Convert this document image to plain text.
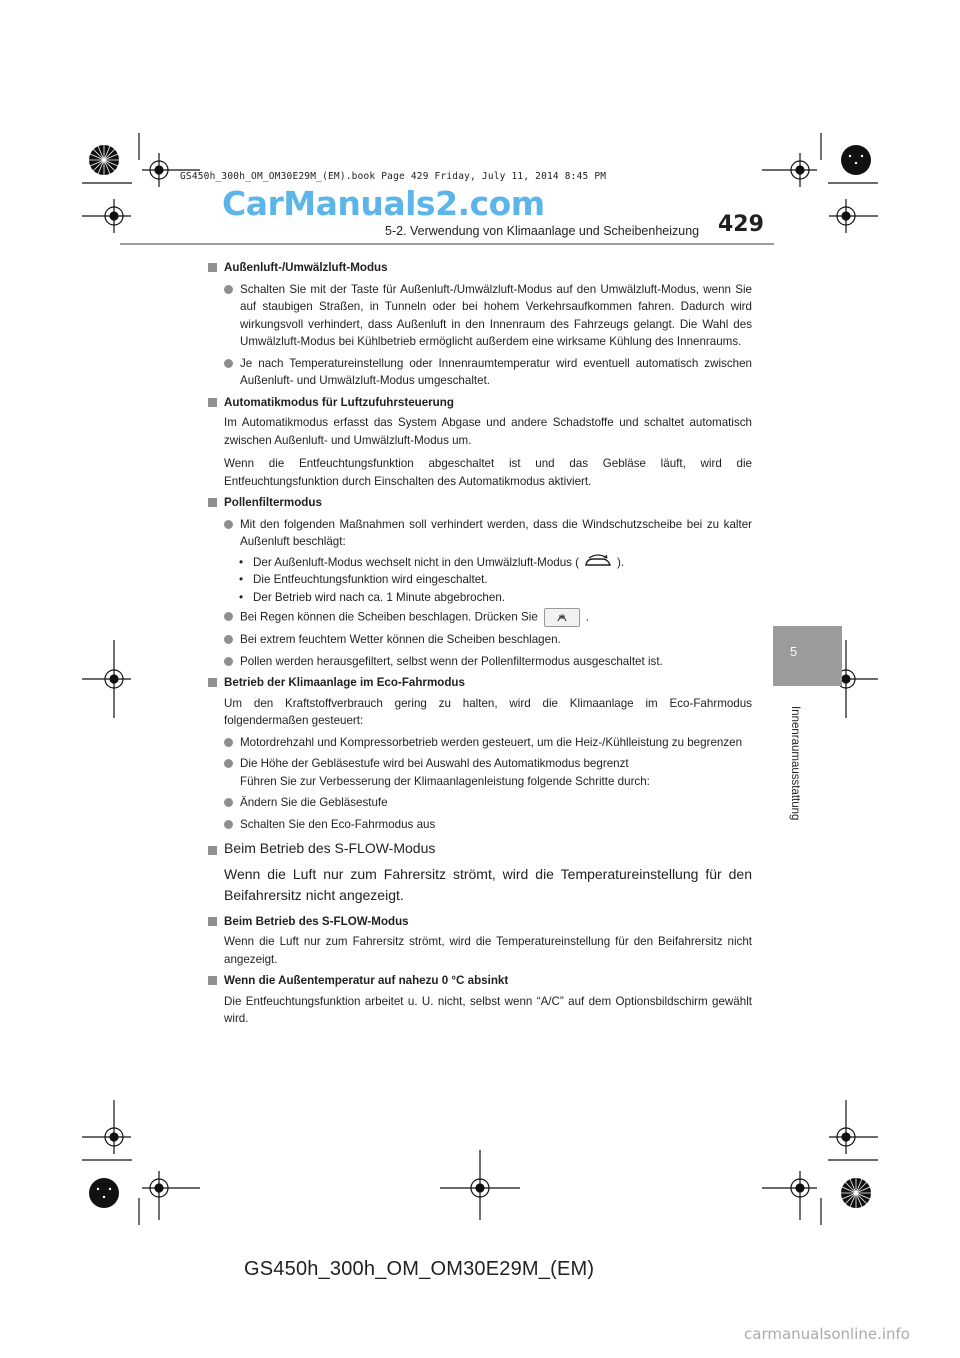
GS450h_300h_OM_OM30E29M_(EM).book Page 429 Friday, July 11, 2014 8:45 PM
CarManuals2.com
5-2. Verwendung von Klimaanlage und Scheibenheizung 429
5
Innenraumausstattung
Außenluft-/Umwälzluft-Modus
Schalten Sie mit der Taste für Außenluft-/Umwälzluft-Modus auf den Umwälzluft-Modus, wenn Sie auf staubigen Straßen, in Tunneln oder bei hohem Verkehrsaufkommen fahren. Dadurch wird wirkungsvoll verhindert, dass Außenluft in den Innenraum des Fahrzeugs gelangt. Die Wahl des Umwälzluft-Modus bei Kühlbetrieb ermöglicht außerdem eine wirksame Kühlung des Innenraums.
Je nach Temperatureinstellung oder Innenraumtemperatur wird eventuell automatisch zwischen Außenluft- und Umwälzluft-Modus umgeschaltet.
Automatikmodus für Luftzufuhrsteuerung
Im Automatikmodus erfasst das System Abgase und andere Schadstoffe und schaltet automatisch zwischen Außenluft- und Umwälzluft-Modus um.
Wenn die Entfeuchtungsfunktion abgeschaltet ist und das Gebläse läuft, wird die Entfeuchtungsfunktion durch Einschalten des Automatikmodus aktiviert.
Pollenfiltermodus
Mit den folgenden Maßnahmen soll verhindert werden, dass die Windschutzscheibe bei zu kalter Außenluft beschlägt:
• Der Außenluft-Modus wechselt nicht in den Umwälzluft-Modus (	).
• Die Entfeuchtungsfunktion wird eingeschaltet.
• Der Betrieb wird nach ca. 1 Minute abgebrochen.
Bei Regen können die Scheiben beschlagen. Drücken Sie	.
Bei extrem feuchtem Wetter können die Scheiben beschlagen.
Pollen werden herausgefiltert, selbst wenn der Pollenfiltermodus ausgeschaltet ist.
Betrieb der Klimaanlage im Eco-Fahrmodus
Um den Kraftstoffverbrauch gering zu halten, wird die Klimaanlage im Eco-Fahrmodus folgendermaßen gesteuert:
Motordrehzahl und Kompressorbetrieb werden gesteuert, um die Heiz-/Kühlleistung zu begrenzen
Die Höhe der Gebläsestufe wird bei Auswahl des Automatikmodus begrenzt
Führen Sie zur Verbesserung der Klimaanlagenleistung folgende Schritte durch:
Ändern Sie die Gebläsestufe
Schalten Sie den Eco-Fahrmodus aus
Beim Betrieb des S-FLOW-Modus
Wenn die Luft nur zum Fahrersitz strömt, wird die Temperatureinstellung für den Beifahrersitz nicht angezeigt.
Beim Betrieb des S-FLOW-Modus
Wenn die Luft nur zum Fahrersitz strömt, wird die Temperatureinstellung für den Beifahrersitz nicht angezeigt.
Wenn die Außentemperatur auf nahezu 0 °C absinkt
Die Entfeuchtungsfunktion arbeitet u. U. nicht, selbst wenn “A/C” auf dem Optionsbildschirm gewählt wird.
GS450h_300h_OM_OM30E29M_(EM)
carmanualsonline.info
